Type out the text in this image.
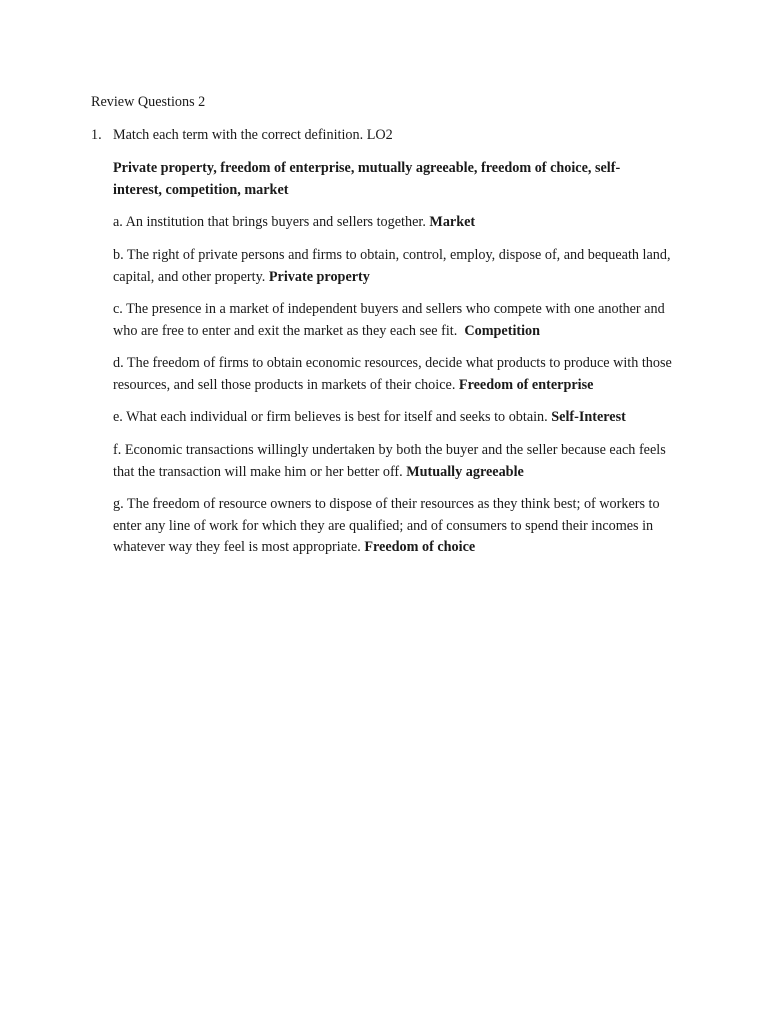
Review Questions 2
1. Match each term with the correct definition. LO2

Private property, freedom of enterprise, mutually agreeable, freedom of choice, self-
interest, competition, market

a. An institution that brings buyers and sellers together. Market

b. The right of private persons and firms to obtain, control, employ, dispose of, and bequeath land, capital, and other property. Private property

c. The presence in a market of independent buyers and sellers who compete with one another and who are free to enter and exit the market as they each see fit. Competition

d. The freedom of firms to obtain economic resources, decide what products to produce with those resources, and sell those products in markets of their choice. Freedom of enterprise

e. What each individual or firm believes is best for itself and seeks to obtain. Self-Interest

f. Economic transactions willingly undertaken by both the buyer and the seller because each feels that the transaction will make him or her better off. Mutually agreeable

g. The freedom of resource owners to dispose of their resources as they think best; of workers to enter any line of work for which they are qualified; and of consumers to spend their incomes in whatever way they feel is most appropriate. Freedom of choice
